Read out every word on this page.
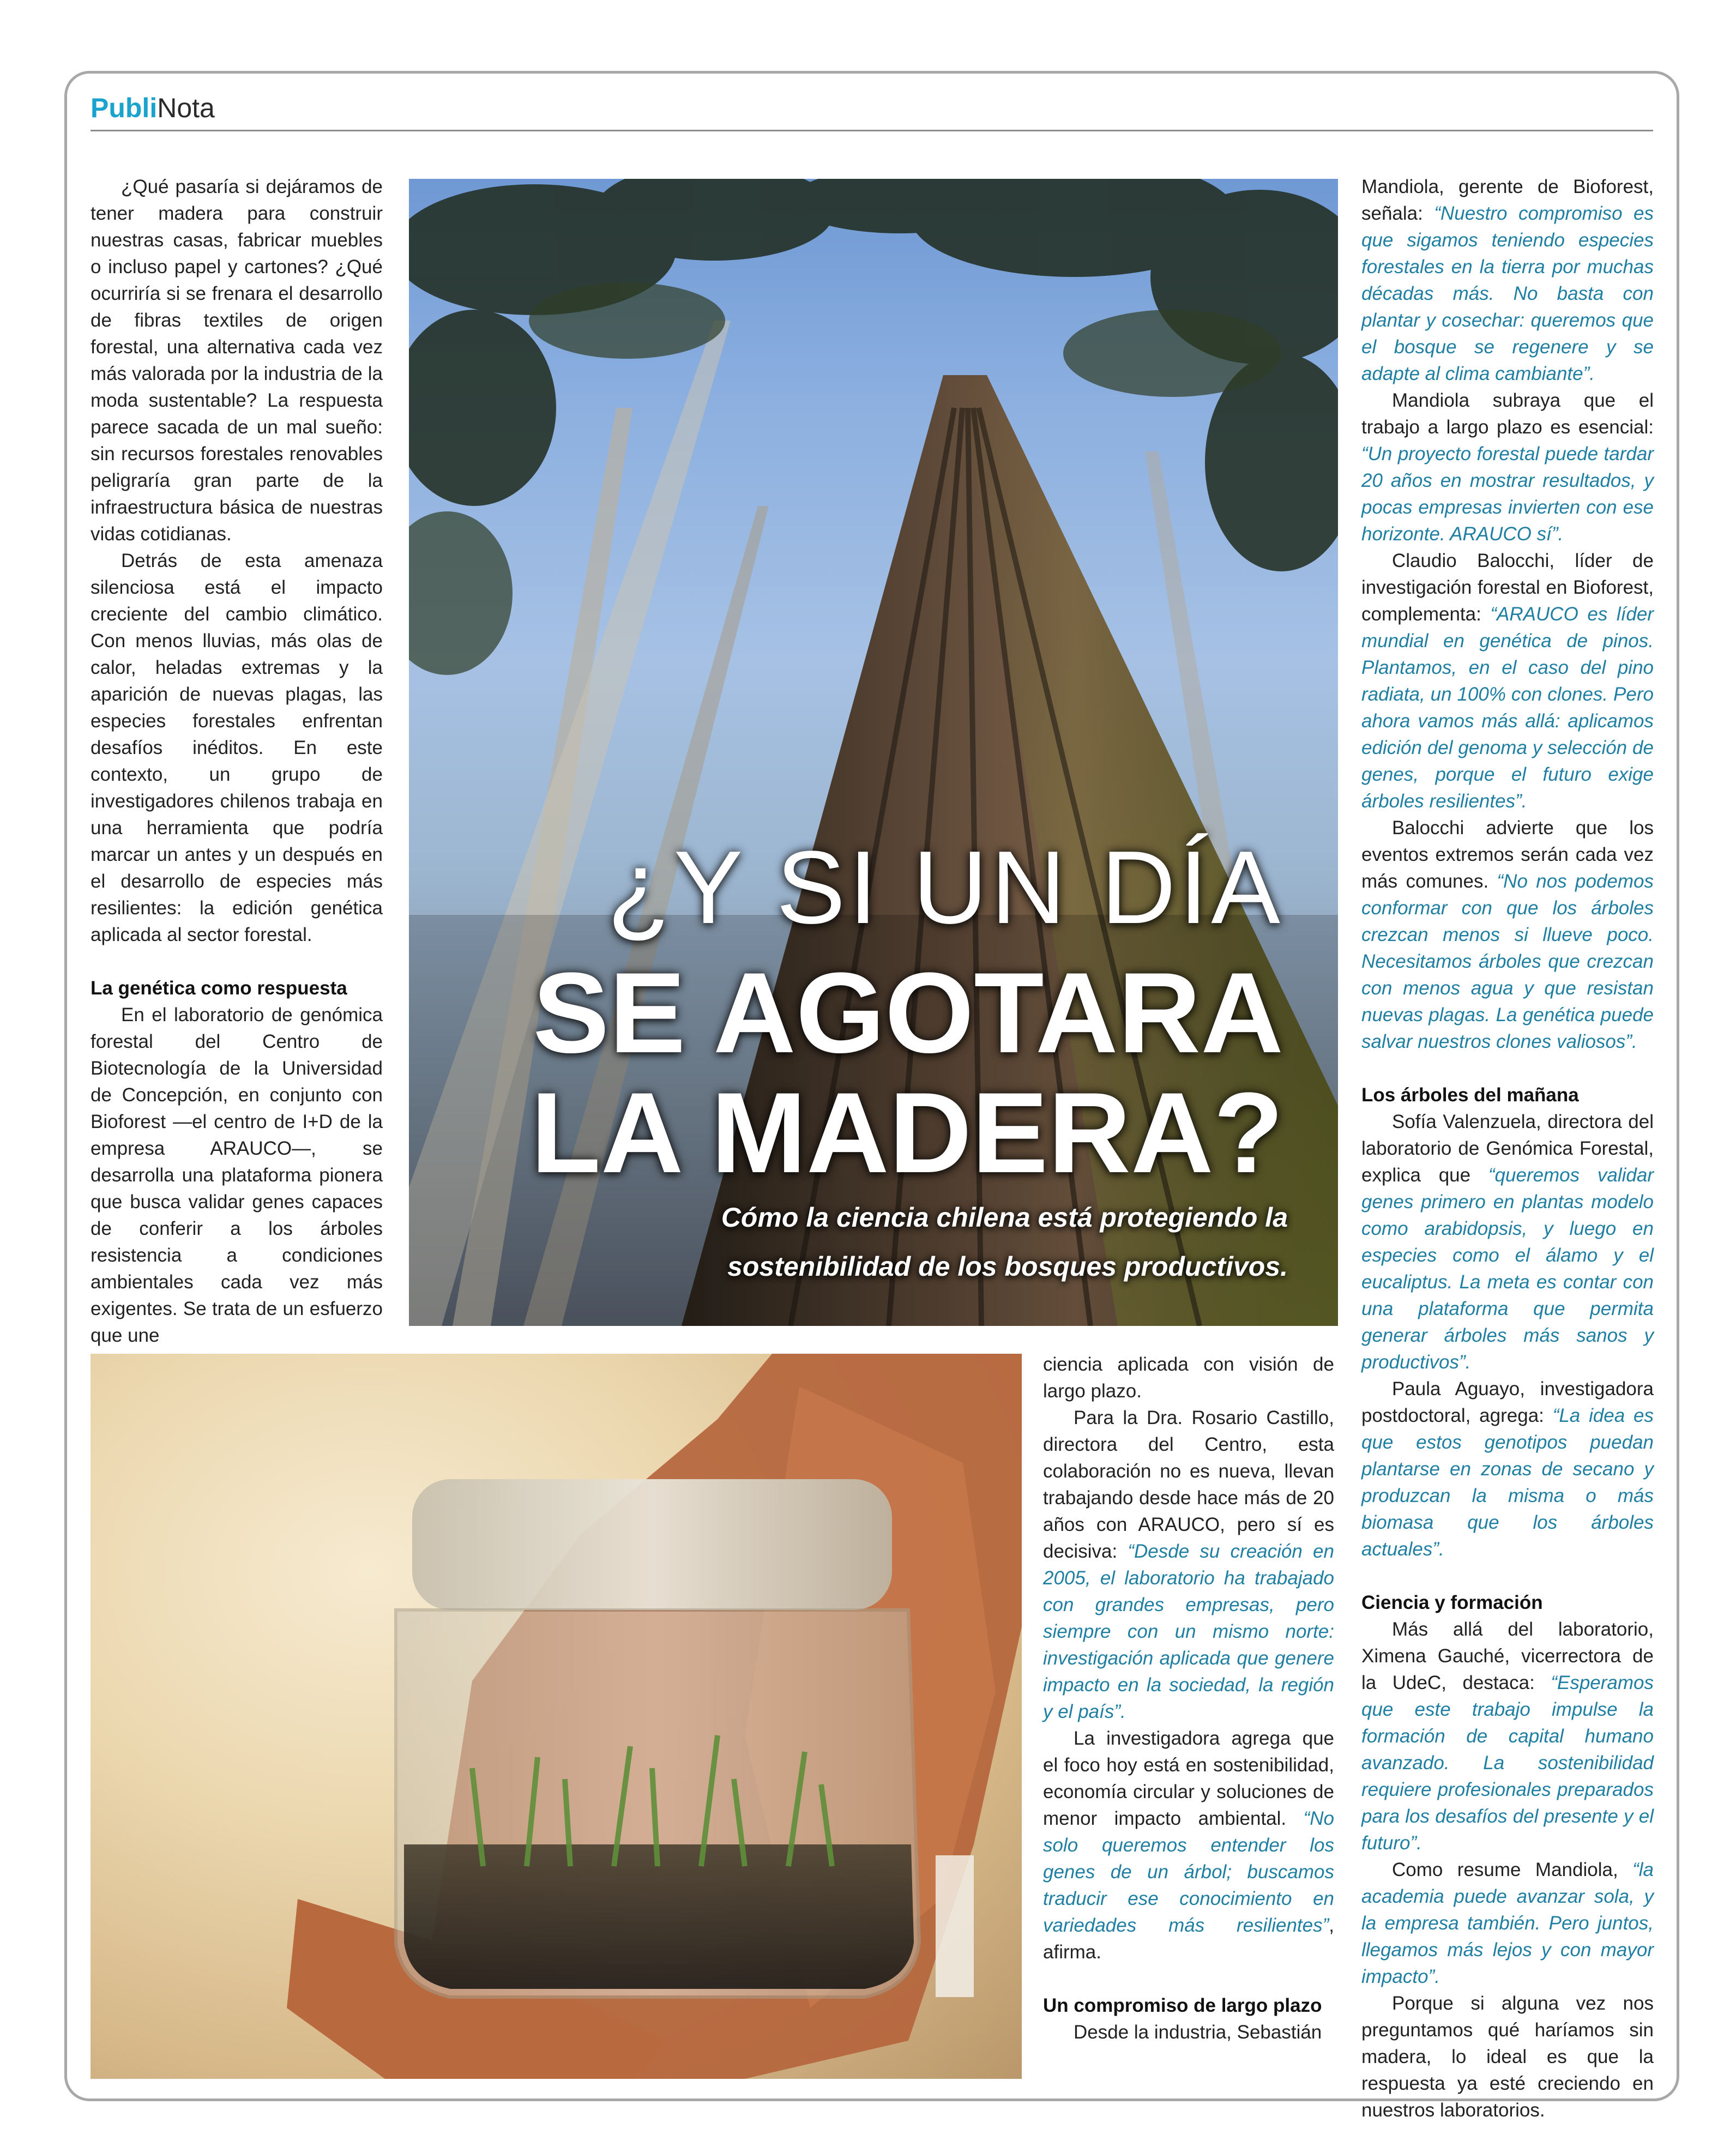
PubliNota

¿Qué pasaría si dejáramos de tener madera para construir nuestras casas, fabricar muebles o incluso papel y cartones? ¿Qué ocurriría si se frenara el desarrollo de fibras textiles de origen forestal, una alternativa cada vez más valorada por la industria de la moda sustentable? La respuesta parece sacada de un mal sueño: sin recursos forestales renovables peligraría gran parte de la infraestructura básica de nuestras vidas cotidianas.

Detrás de esta amenaza silenciosa está el impacto creciente del cambio climático. Con menos lluvias, más olas de calor, heladas extremas y la aparición de nuevas plagas, las especies forestales enfrentan desafíos inéditos. En este contexto, un grupo de investigadores chilenos trabaja en una herramienta que podría marcar un antes y un después en el desarrollo de especies más resilientes: la edición genética aplicada al sector forestal.

La genética como respuesta

En el laboratorio de genómica forestal del Centro de Biotecnología de la Universidad de Concepción, en conjunto con Bioforest —el centro de I+D de la empresa ARAUCO—, se desarrolla una plataforma pionera que busca validar genes capaces de conferir a los árboles resistencia a condiciones ambientales cada vez más exigentes. Se trata de un esfuerzo que une

¿Y SI UN DÍA
SE AGOTARA
LA MADERA?
Cómo la ciencia chilena está protegiendo la sostenibilidad de los bosques productivos.

ciencia aplicada con visión de largo plazo.

Para la Dra. Rosario Castillo, directora del Centro, esta colaboración no es nueva, llevan trabajando desde hace más de 20 años con ARAUCO, pero sí es decisiva: “Desde su creación en 2005, el laboratorio ha trabajado con grandes empresas, pero siempre con un mismo norte: investigación aplicada que genere impacto en la sociedad, la región y el país”.

La investigadora agrega que el foco hoy está en sostenibilidad, economía circular y soluciones de menor impacto ambiental. “No solo queremos entender los genes de un árbol; buscamos traducir ese conocimiento en variedades más resilientes”, afirma.

Un compromiso de largo plazo

Desde la industria, Sebastián

Mandiola, gerente de Bioforest, señala: “Nuestro compromiso es que sigamos teniendo especies forestales en la tierra por muchas décadas más. No basta con plantar y cosechar: queremos que el bosque se regenere y se adapte al clima cambiante”.

Mandiola subraya que el trabajo a largo plazo es esencial: “Un proyecto forestal puede tardar 20 años en mostrar resultados, y pocas empresas invierten con ese horizonte. ARAUCO sí”.

Claudio Balocchi, líder de investigación forestal en Bioforest, complementa: “ARAUCO es líder mundial en genética de pinos. Plantamos, en el caso del pino radiata, un 100% con clones. Pero ahora vamos más allá: aplicamos edición del genoma y selección de genes, porque el futuro exige árboles resilientes”.

Balocchi advierte que los eventos extremos serán cada vez más comunes. “No nos podemos conformar con que los árboles crezcan menos si llueve poco. Necesitamos árboles que crezcan con menos agua y que resistan nuevas plagas. La genética puede salvar nuestros clones valiosos”.

Los árboles del mañana

Sofía Valenzuela, directora del laboratorio de Genómica Forestal, explica que “queremos validar genes primero en plantas modelo como arabidopsis, y luego en especies como el álamo y el eucaliptus. La meta es contar con una plataforma que permita generar árboles más sanos y productivos”.

Paula Aguayo, investigadora postdoctoral, agrega: “La idea es que estos genotipos puedan plantarse en zonas de secano y produzcan la misma o más biomasa que los árboles actuales”.

Ciencia y formación

Más allá del laboratorio, Ximena Gauché, vicerrectora de la UdeC, destaca: “Esperamos que este trabajo impulse la formación de capital humano avanzado. La sostenibilidad requiere profesionales preparados para los desafíos del presente y el futuro”.

Como resume Mandiola, “la academia puede avanzar sola, y la empresa también. Pero juntos, llegamos más lejos y con mayor impacto”.

Porque si alguna vez nos preguntamos qué haríamos sin madera, lo ideal es que la respuesta ya esté creciendo en nuestros laboratorios.
